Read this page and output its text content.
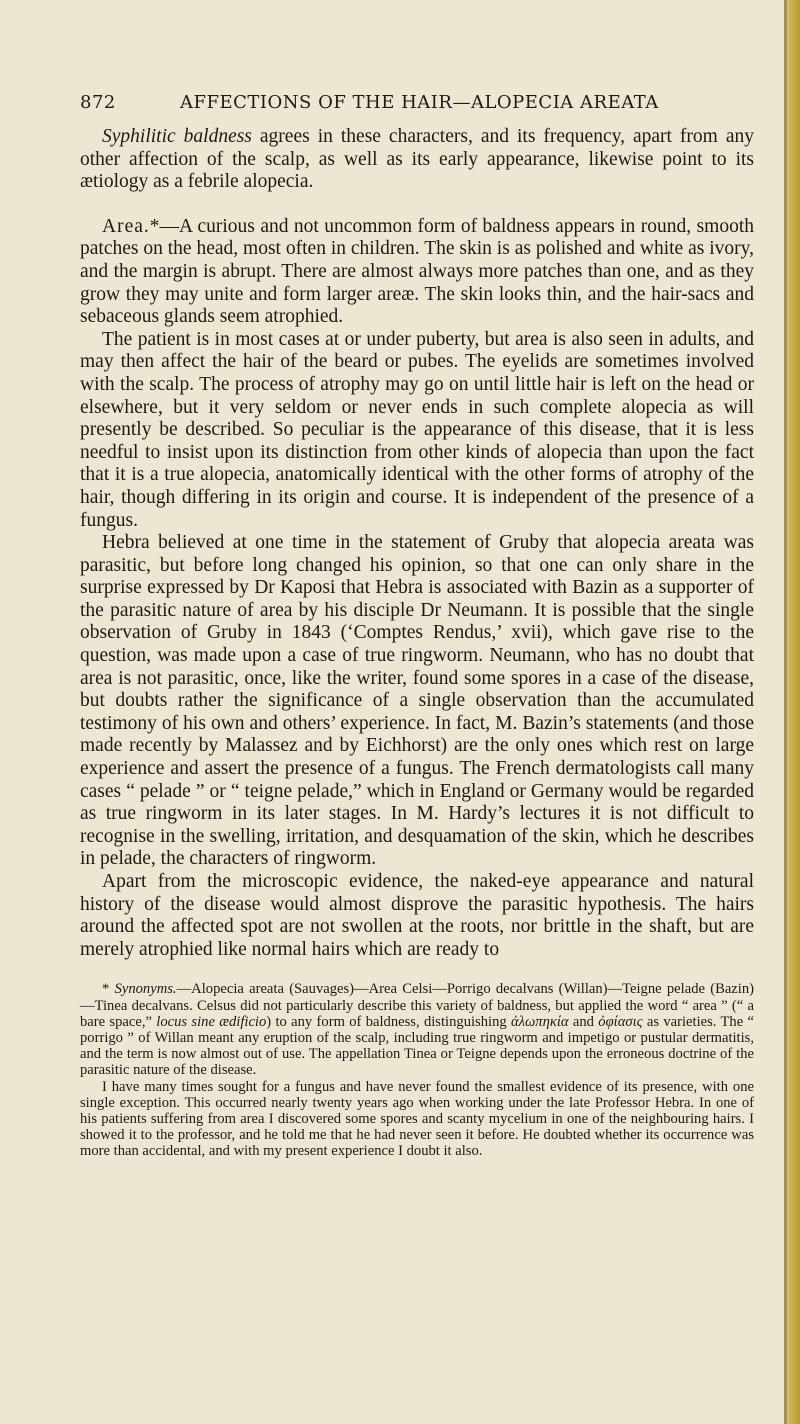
872	AFFECTIONS OF THE HAIR—ALOPECIA AREATA

Syphilitic baldness agrees in these characters, and its frequency, apart from any other affection of the scalp, as well as its early appearance, likewise point to its ætiology as a febrile alopecia.

Area.*—A curious and not uncommon form of baldness appears in round, smooth patches on the head, most often in children. The skin is as polished and white as ivory, and the margin is abrupt. There are almost always more patches than one, and as they grow they may unite and form larger areæ. The skin looks thin, and the hair-sacs and sebaceous glands seem atrophied.

The patient is in most cases at or under puberty, but area is also seen in adults, and may then affect the hair of the beard or pubes. The eyelids are sometimes involved with the scalp. The process of atrophy may go on until little hair is left on the head or elsewhere, but it very seldom or never ends in such complete alopecia as will presently be described. So peculiar is the appearance of this disease, that it is less needful to insist upon its distinction from other kinds of alopecia than upon the fact that it is a true alopecia, anatomically identical with the other forms of atrophy of the hair, though differing in its origin and course. It is independent of the presence of a fungus.

Hebra believed at one time in the statement of Gruby that alopecia areata was parasitic, but before long changed his opinion, so that one can only share in the surprise expressed by Dr Kaposi that Hebra is associated with Bazin as a supporter of the parasitic nature of area by his disciple Dr Neumann. It is possible that the single observation of Gruby in 1843 (‘Comptes Rendus,’ xvii), which gave rise to the question, was made upon a case of true ringworm. Neumann, who has no doubt that area is not parasitic, once, like the writer, found some spores in a case of the disease, but doubts rather the significance of a single observation than the accumulated testimony of his own and others’ experience. In fact, M. Bazin’s statements (and those made recently by Malassez and by Eichhorst) are the only ones which rest on large experience and assert the presence of a fungus. The French dermatologists call many cases “ pelade ” or “ teigne pelade,” which in England or Germany would be regarded as true ringworm in its later stages. In M. Hardy’s lectures it is not difficult to recognise in the swelling, irritation, and desquamation of the skin, which he describes in pelade, the characters of ringworm.

Apart from the microscopic evidence, the naked-eye appearance and natural history of the disease would almost disprove the parasitic hypothesis. The hairs around the affected spot are not swollen at the roots, nor brittle in the shaft, but are merely atrophied like normal hairs which are ready to

* Synonyms.—Alopecia areata (Sauvages)—Area Celsi—Porrigo decalvans (Willan)—Teigne pelade (Bazin)—Tinea decalvans. Celsus did not particularly describe this variety of baldness, but applied the word “ area ” (“ a bare space,” locus sine ædificio) to any form of baldness, distinguishing ἀλωπηκία and ὀφίασις as varieties. The “ porrigo ” of Willan meant any eruption of the scalp, including true ringworm and impetigo or pustular dermatitis, and the term is now almost out of use. The appellation Tinea or Teigne depends upon the erroneous doctrine of the parasitic nature of the disease.

I have many times sought for a fungus and have never found the smallest evidence of its presence, with one single exception. This occurred nearly twenty years ago when working under the late Professor Hebra. In one of his patients suffering from area I discovered some spores and scanty mycelium in one of the neighbouring hairs. I showed it to the professor, and he told me that he had never seen it before. He doubted whether its occurrence was more than accidental, and with my present experience I doubt it also.
